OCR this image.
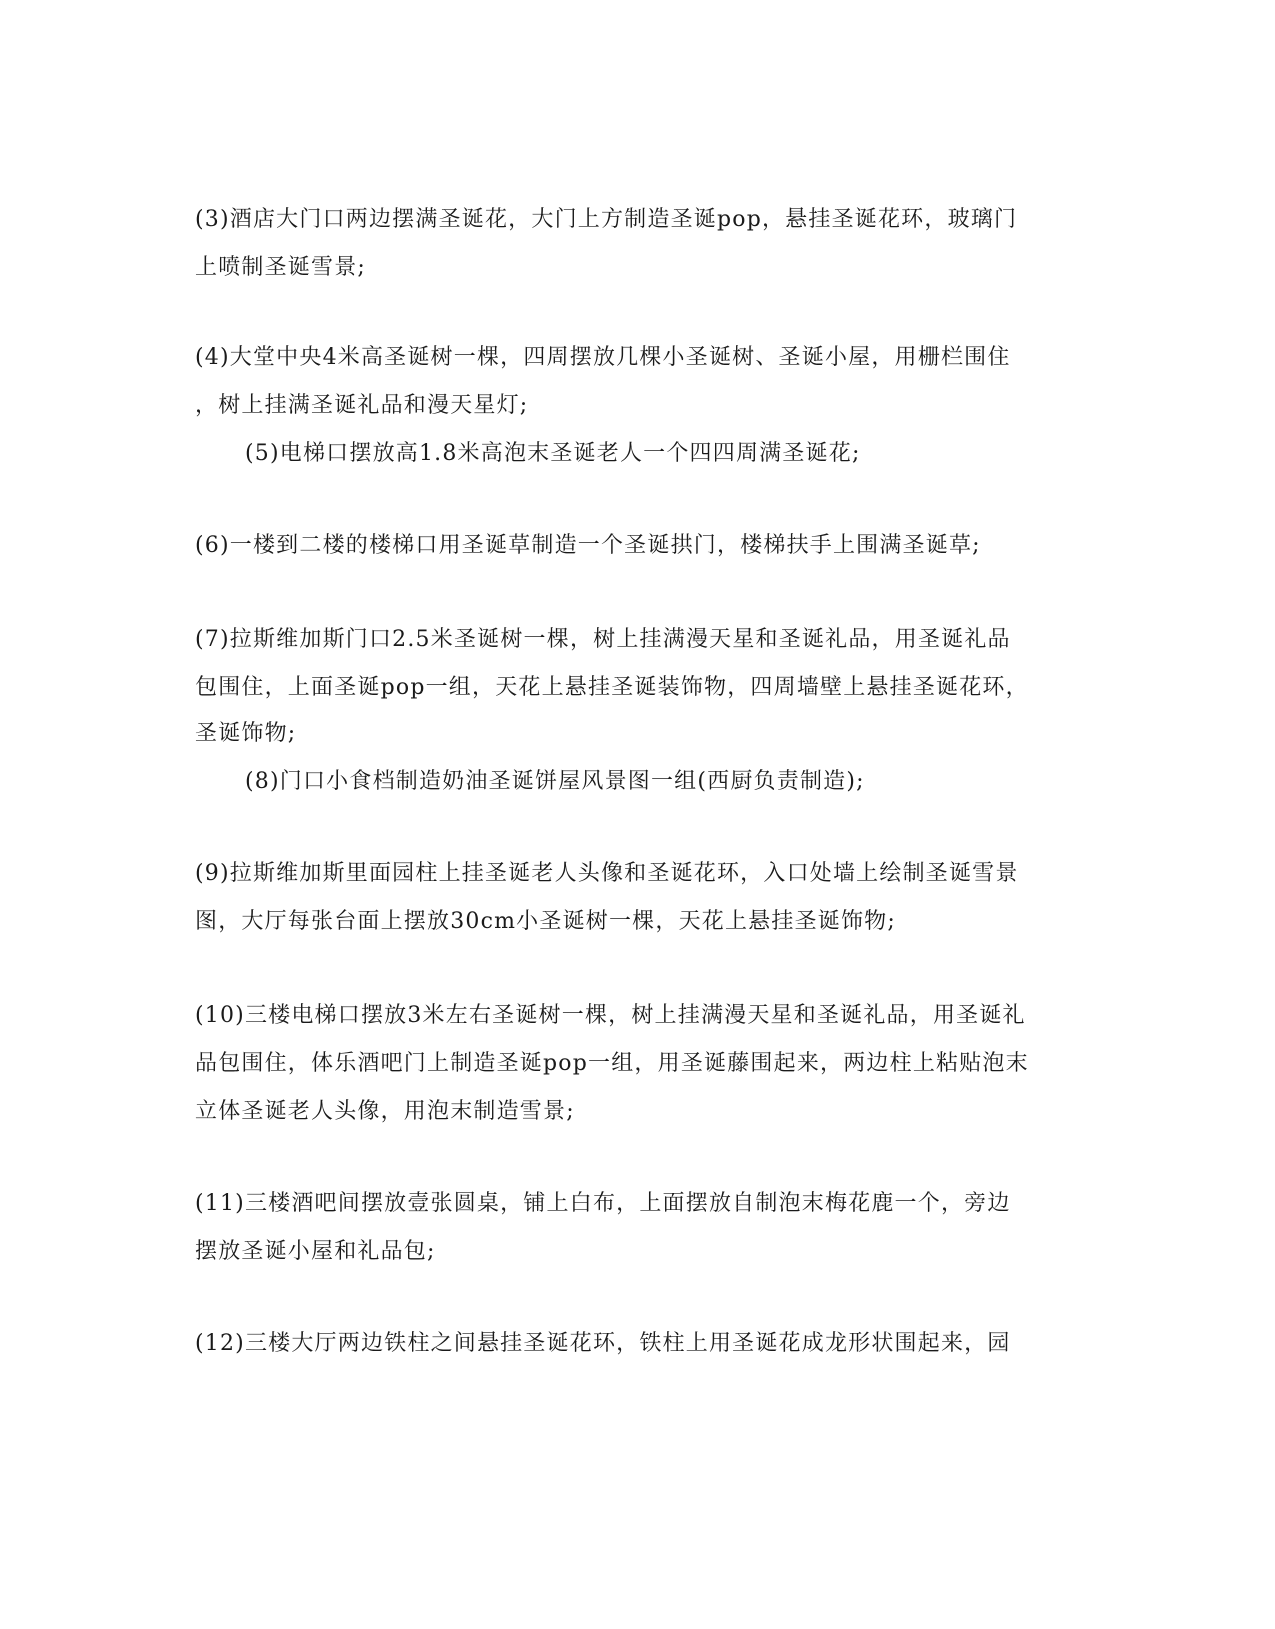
(3)酒店大门口两边摆满圣诞花，大门上方制造圣诞pop，悬挂圣诞花环，玻璃门
上喷制圣诞雪景;
(4)大堂中央4米高圣诞树一棵，四周摆放几棵小圣诞树、圣诞小屋，用栅栏围住
，树上挂满圣诞礼品和漫天星灯;
(5)电梯口摆放高1.8米高泡末圣诞老人一个四四周满圣诞花;
(6)一楼到二楼的楼梯口用圣诞草制造一个圣诞拱门，楼梯扶手上围满圣诞草;
(7)拉斯维加斯门口2.5米圣诞树一棵，树上挂满漫天星和圣诞礼品，用圣诞礼品
包围住，上面圣诞pop一组，天花上悬挂圣诞装饰物，四周墙壁上悬挂圣诞花环，
圣诞饰物;
(8)门口小食档制造奶油圣诞饼屋风景图一组(西厨负责制造);
(9)拉斯维加斯里面园柱上挂圣诞老人头像和圣诞花环，入口处墙上绘制圣诞雪景
图，大厅每张台面上摆放30cm小圣诞树一棵，天花上悬挂圣诞饰物;
(10)三楼电梯口摆放3米左右圣诞树一棵，树上挂满漫天星和圣诞礼品，用圣诞礼
品包围住，体乐酒吧门上制造圣诞pop一组，用圣诞藤围起来，两边柱上粘贴泡末
立体圣诞老人头像，用泡末制造雪景;
(11)三楼酒吧间摆放壹张圆桌，铺上白布，上面摆放自制泡末梅花鹿一个，旁边
摆放圣诞小屋和礼品包;
(12)三楼大厅两边铁柱之间悬挂圣诞花环，铁柱上用圣诞花成龙形状围起来，园
